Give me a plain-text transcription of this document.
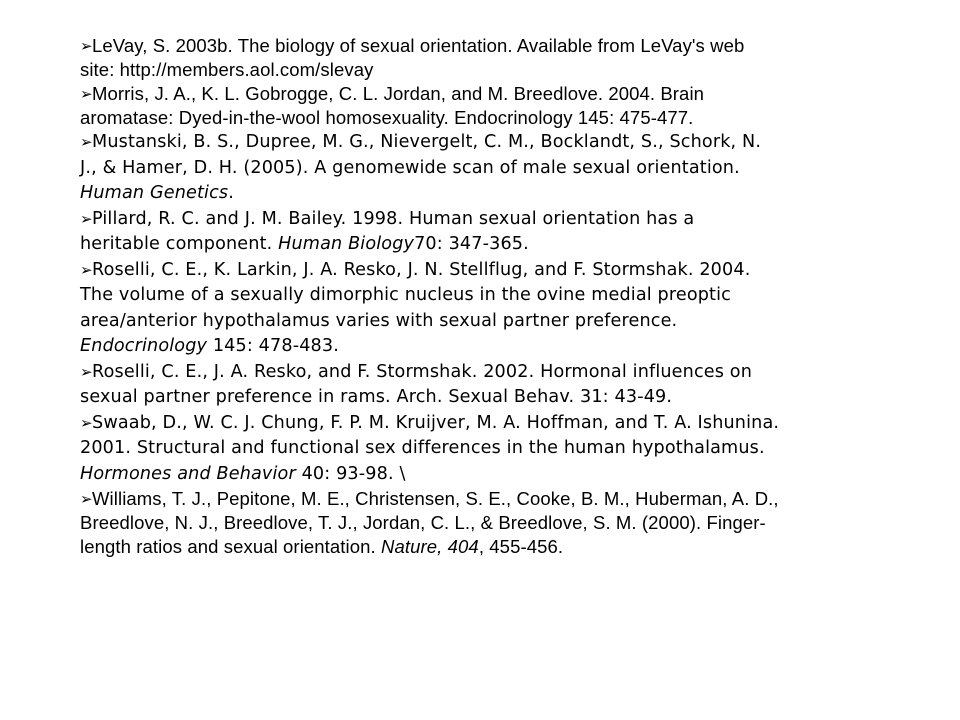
➢ LeVay, S. 2003b. The biology of sexual orientation. Available from LeVay's web site: http://members.aol.com/slevay

➢ Morris, J. A., K. L. Gobrogge, C. L. Jordan, and M. Breedlove. 2004. Brain aromatase: Dyed-in-the-wool homosexuality. Endocrinology 145: 475-477.

➢ Mustanski, B. S., Dupree, M. G., Nievergelt, C. M., Bocklandt, S., Schork, N. J., & Hamer, D. H. (2005). A genomewide scan of male sexual orientation. Human Genetics.

➢ Pillard, R. C. and J. M. Bailey. 1998. Human sexual orientation has a heritable component. Human Biology70: 347-365.

➢ Roselli, C. E., K. Larkin, J. A. Resko, J. N. Stellflug, and F. Stormshak. 2004. The volume of a sexually dimorphic nucleus in the ovine medial preoptic area/anterior hypothalamus varies with sexual partner preference. Endocrinology 145: 478-483.

➢ Roselli, C. E., J. A. Resko, and F. Stormshak. 2002. Hormonal influences on sexual partner preference in rams. Arch. Sexual Behav. 31: 43-49.

➢ Swaab, D., W. C. J. Chung, F. P. M. Kruijver, M. A. Hoffman, and T. A. Ishunina. 2001. Structural and functional sex differences in the human hypothalamus. Hormones and Behavior 40: 93-98. \

➢ Williams, T. J., Pepitone, M. E., Christensen, S. E., Cooke, B. M., Huberman, A. D., Breedlove, N. J., Breedlove, T. J., Jordan, C. L., & Breedlove, S. M. (2000). Finger-length ratios and sexual orientation. Nature, 404, 455-456.
